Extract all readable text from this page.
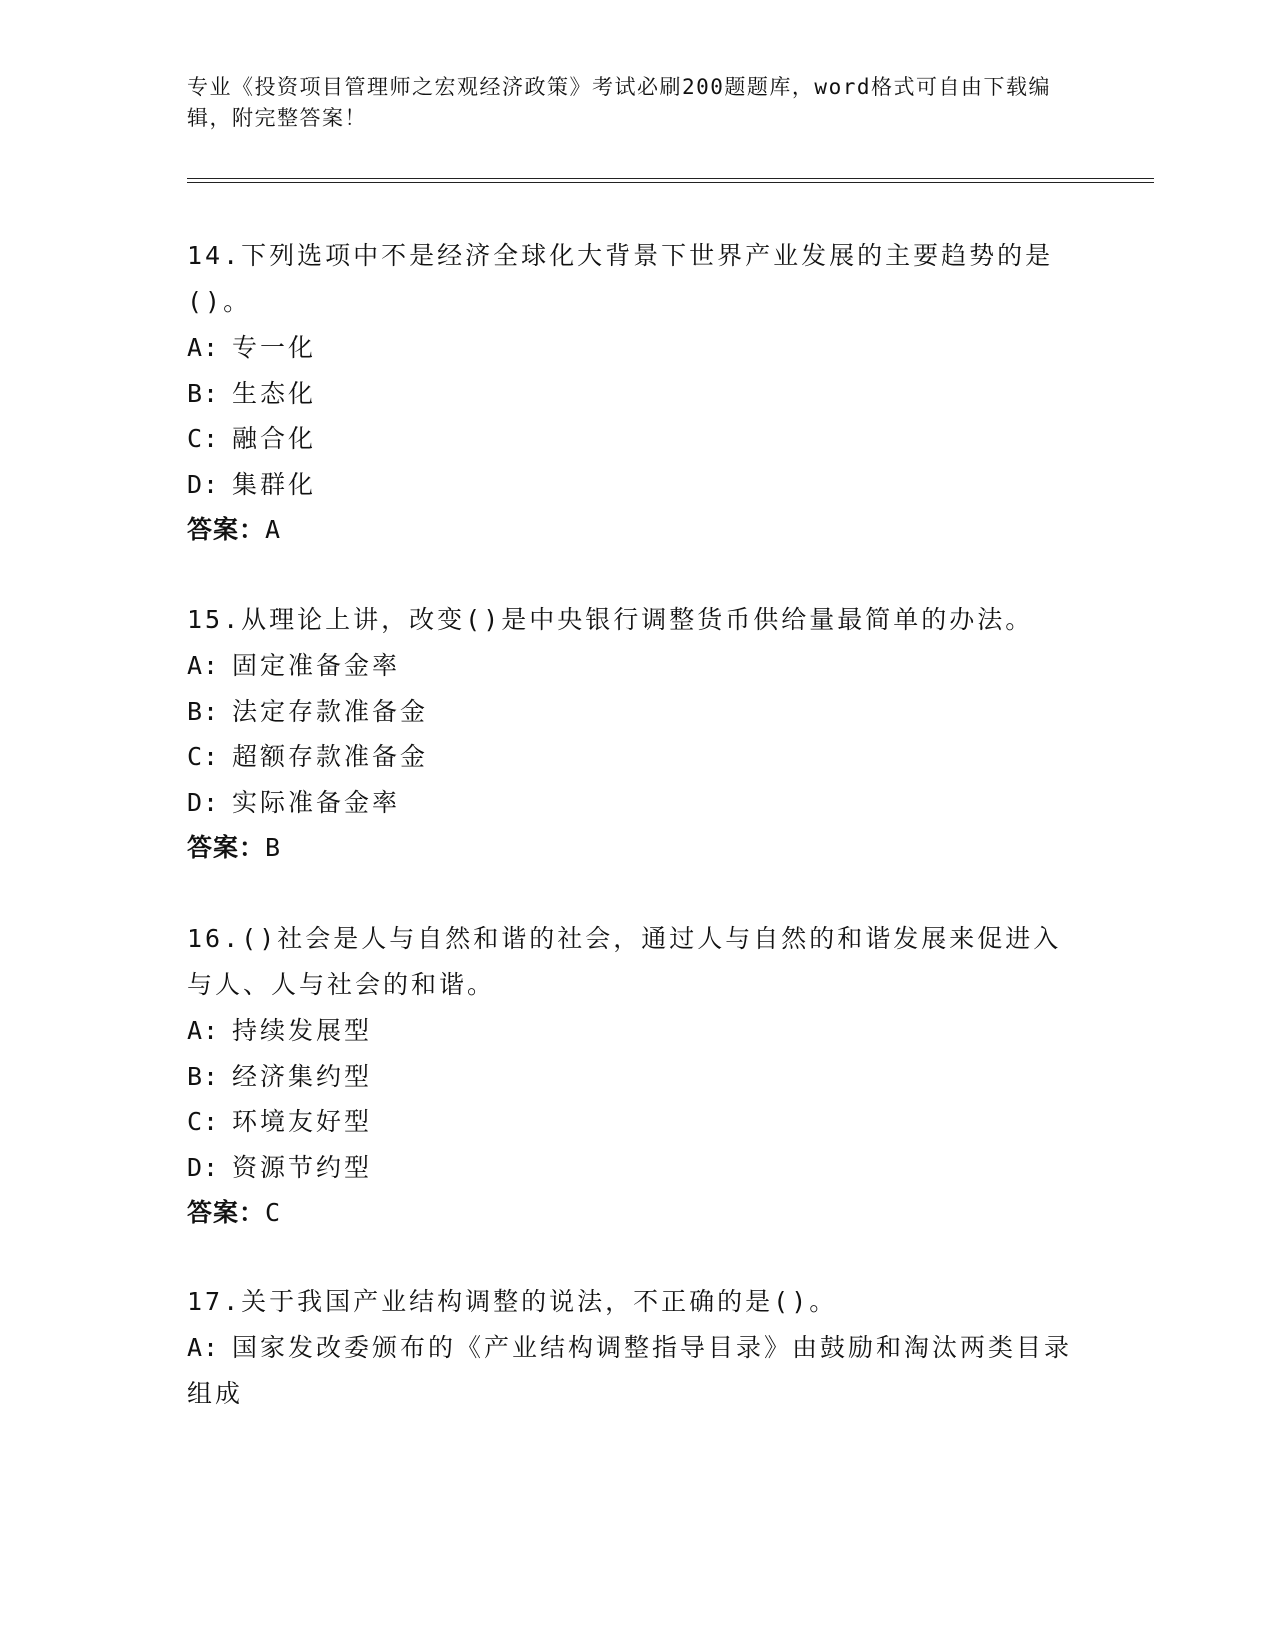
专业《投资项目管理师之宏观经济政策》考试必刷200题题库，word格式可自由下载编辑，附完整答案！
14.下列选项中不是经济全球化大背景下世界产业发展的主要趋势的是()。
A: 专一化
B: 生态化
C: 融合化
D: 集群化
答案：A
15.从理论上讲，改变()是中央银行调整货币供给量最简单的办法。
A: 固定准备金率
B: 法定存款准备金
C: 超额存款准备金
D: 实际准备金率
答案：B
16.()社会是人与自然和谐的社会，通过人与自然的和谐发展来促进入与人、人与社会的和谐。
A: 持续发展型
B: 经济集约型
C: 环境友好型
D: 资源节约型
答案：C
17.关于我国产业结构调整的说法，不正确的是()。
A: 国家发改委颁布的《产业结构调整指导目录》由鼓励和淘汰两类目录组成
